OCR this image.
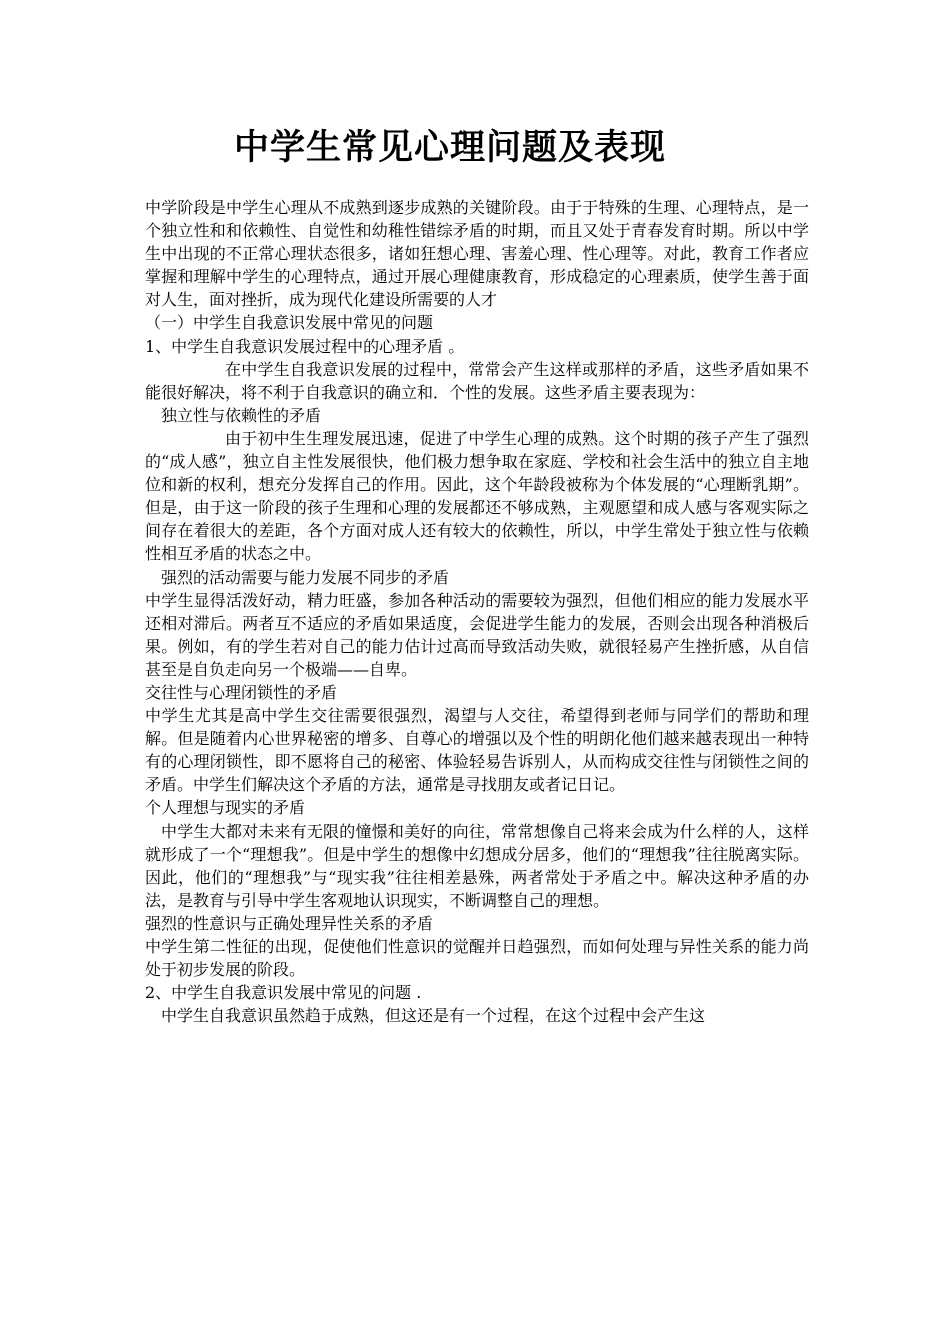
中学生常见心理问题及表现

中学阶段是中学生心理从不成熟到逐步成熟的关键阶段。由于于特殊的生理、心理特点，是一个独立性和和依赖性、自觉性和幼稚性错综矛盾的时期，而且又处于青春发育时期。所以中学生中出现的不正常心理状态很多，诸如狂想心理、害羞心理、性心理等。对此，教育工作者应掌握和理解中学生的心理特点，通过开展心理健康教育，形成稳定的心理素质，使学生善于面对人生，面对挫折，成为现代化建设所需要的人才

（一）中学生自我意识发展中常见的问题

1、中学生自我意识发展过程中的心理矛盾 。

在中学生自我意识发展的过程中，常常会产生这样或那样的矛盾，这些矛盾如果不能很好解决，将不利于自我意识的确立和．个性的发展。这些矛盾主要表现为：

独立性与依赖性的矛盾

由于初中生生理发展迅速，促进了中学生心理的成熟。这个时期的孩子产生了强烈的“成人感”，独立自主性发展很快，他们极力想争取在家庭、学校和社会生活中的独立自主地位和新的权利，想充分发挥自己的作用。因此，这个年龄段被称为个体发展的“心理断乳期”。但是，由于这一阶段的孩子生理和心理的发展都还不够成熟，主观愿望和成人感与客观实际之间存在着很大的差距，各个方面对成人还有较大的依赖性，所以，中学生常处于独立性与依赖性相互矛盾的状态之中。

强烈的活动需要与能力发展不同步的矛盾

中学生显得活泼好动，精力旺盛，参加各种活动的需要较为强烈，但他们相应的能力发展水平还相对滞后。两者互不适应的矛盾如果适度，会促进学生能力的发展，否则会出现各种消极后果。例如，有的学生若对自己的能力估计过高而导致活动失败，就很轻易产生挫折感，从自信甚至是自负走向另一个极端——自卑。

交往性与心理闭锁性的矛盾

中学生尤其是高中学生交往需要很强烈，渴望与人交往，希望得到老师与同学们的帮助和理解。但是随着内心世界秘密的增多、自尊心的增强以及个性的明朗化他们越来越表现出一种特有的心理闭锁性，即不愿将自己的秘密、体验轻易告诉别人，从而构成交往性与闭锁性之间的矛盾。中学生们解决这个矛盾的方法，通常是寻找朋友或者记日记。

个人理想与现实的矛盾

中学生大都对未来有无限的憧憬和美好的向往，常常想像自己将来会成为什么样的人，这样就形成了一个“理想我”。但是中学生的想像中幻想成分居多，他们的“理想我”往往脱离实际。因此，他们的“理想我”与“现实我”往往相差悬殊，两者常处于矛盾之中。解决这种矛盾的办法，是教育与引导中学生客观地认识现实，不断调整自己的理想。

强烈的性意识与正确处理异性关系的矛盾

中学生第二性征的出现，促使他们性意识的觉醒并日趋强烈，而如何处理与异性关系的能力尚处于初步发展的阶段。

2、中学生自我意识发展中常见的问题 .

中学生自我意识虽然趋于成熟，但这还是有一个过程，在这个过程中会产生这
